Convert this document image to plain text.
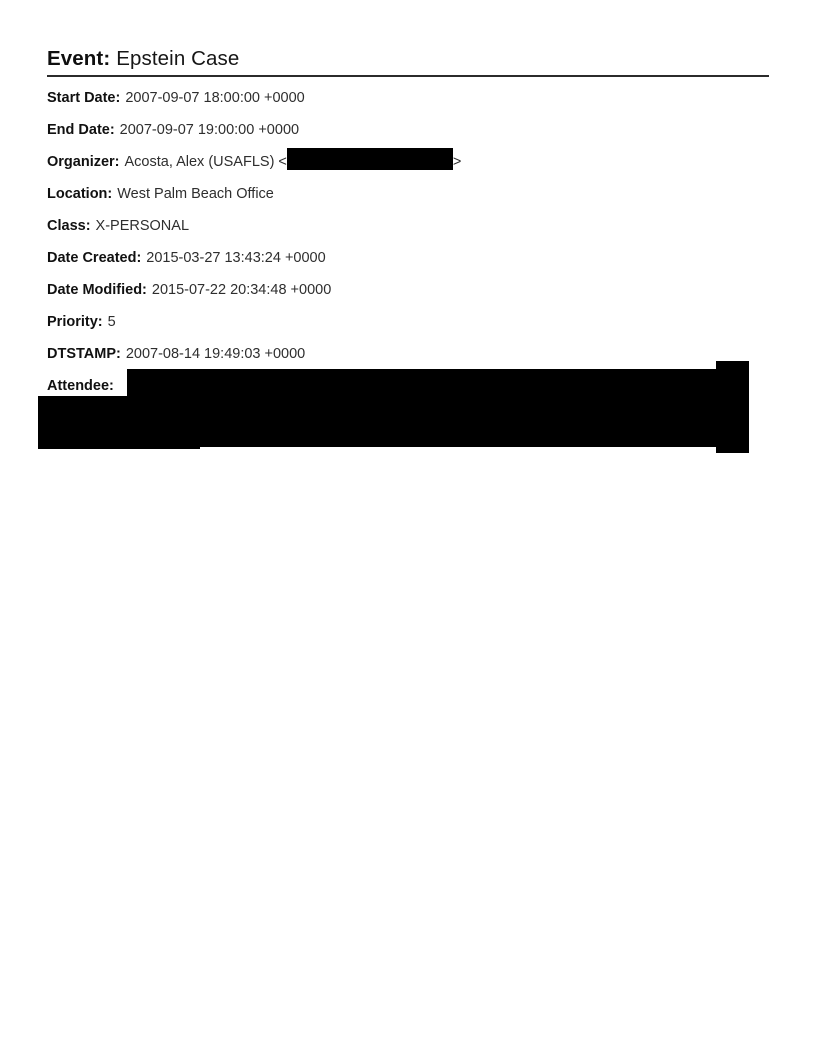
Event: Epstein Case

Start Date: 2007-09-07 18:00:00 +0000

End Date: 2007-09-07 19:00:00 +0000

Organizer: Acosta, Alex (USAFLS) <	>

Location: West Palm Beach Office

Class: X-PERSONAL

Date Created: 2015-03-27 13:43:24 +0000

Date Modified: 2015-07-22 20:34:48 +0000

Priority: 5

DTSTAMP: 2007-08-14 19:49:03 +0000

Attendee:
